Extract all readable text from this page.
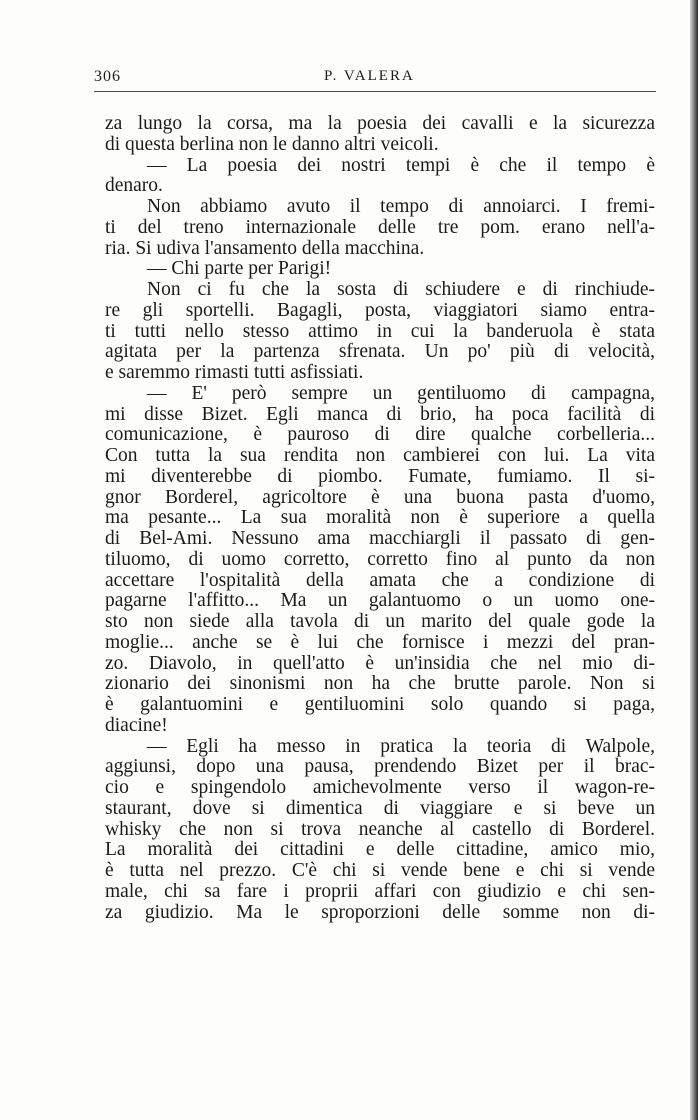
306	P. VALERA
za lungo la corsa, ma la poesia dei cavalli e la sicurezza
di questa berlina non le danno altri veicoli.
— La poesia dei nostri tempi è che il tempo è
denaro.
Non abbiamo avuto il tempo di annoiarci. I fremi-
ti del treno internazionale delle tre pom. erano nell'a-
ria. Si udiva l'ansamento della macchina.
— Chi parte per Parigi!
Non ci fu che la sosta di schiudere e di rinchiude-
re gli sportelli. Bagagli, posta, viaggiatori siamo entra-
ti tutti nello stesso attimo in cui la banderuola è stata
agitata per la partenza sfrenata. Un po' più di velocità,
e saremmo rimasti tutti asfissiati.
— E' però sempre un gentiluomo di campagna,
mi disse Bizet. Egli manca di brio, ha poca facilità di
comunicazione, è pauroso di dire qualche corbelleria...
Con tutta la sua rendita non cambierei con lui. La vita
mi diventerebbe di piombo. Fumate, fumiamo. Il si-
gnor Borderel, agricoltore è una buona pasta d'uomo,
ma pesante... La sua moralità non è superiore a quella
di Bel-Ami. Nessuno ama macchiargli il passato di gen-
tiluomo, di uomo corretto, corretto fino al punto da non
accettare l'ospitalità della amata che a condizione di
pagarne l'affitto... Ma un galantuomo o un uomo one-
sto non siede alla tavola di un marito del quale gode la
moglie... anche se è lui che fornisce i mezzi del pran-
zo. Diavolo, in quell'atto è un'insidia che nel mio di-
zionario dei sinonismi non ha che brutte parole. Non si
è galantuomini e gentiluomini solo quando si paga,
diacine!
— Egli ha messo in pratica la teoria di Walpole,
aggiunsi, dopo una pausa, prendendo Bizet per il brac-
cio e spingendolo amichevolmente verso il wagon-re-
staurant, dove si dimentica di viaggiare e si beve un
whisky che non si trova neanche al castello di Borderel.
La moralità dei cittadini e delle cittadine, amico mio,
è tutta nel prezzo. C'è chi si vende bene e chi si vende
male, chi sa fare i proprii affari con giudizio e chi sen-
za giudizio. Ma le sproporzioni delle somme non di-
